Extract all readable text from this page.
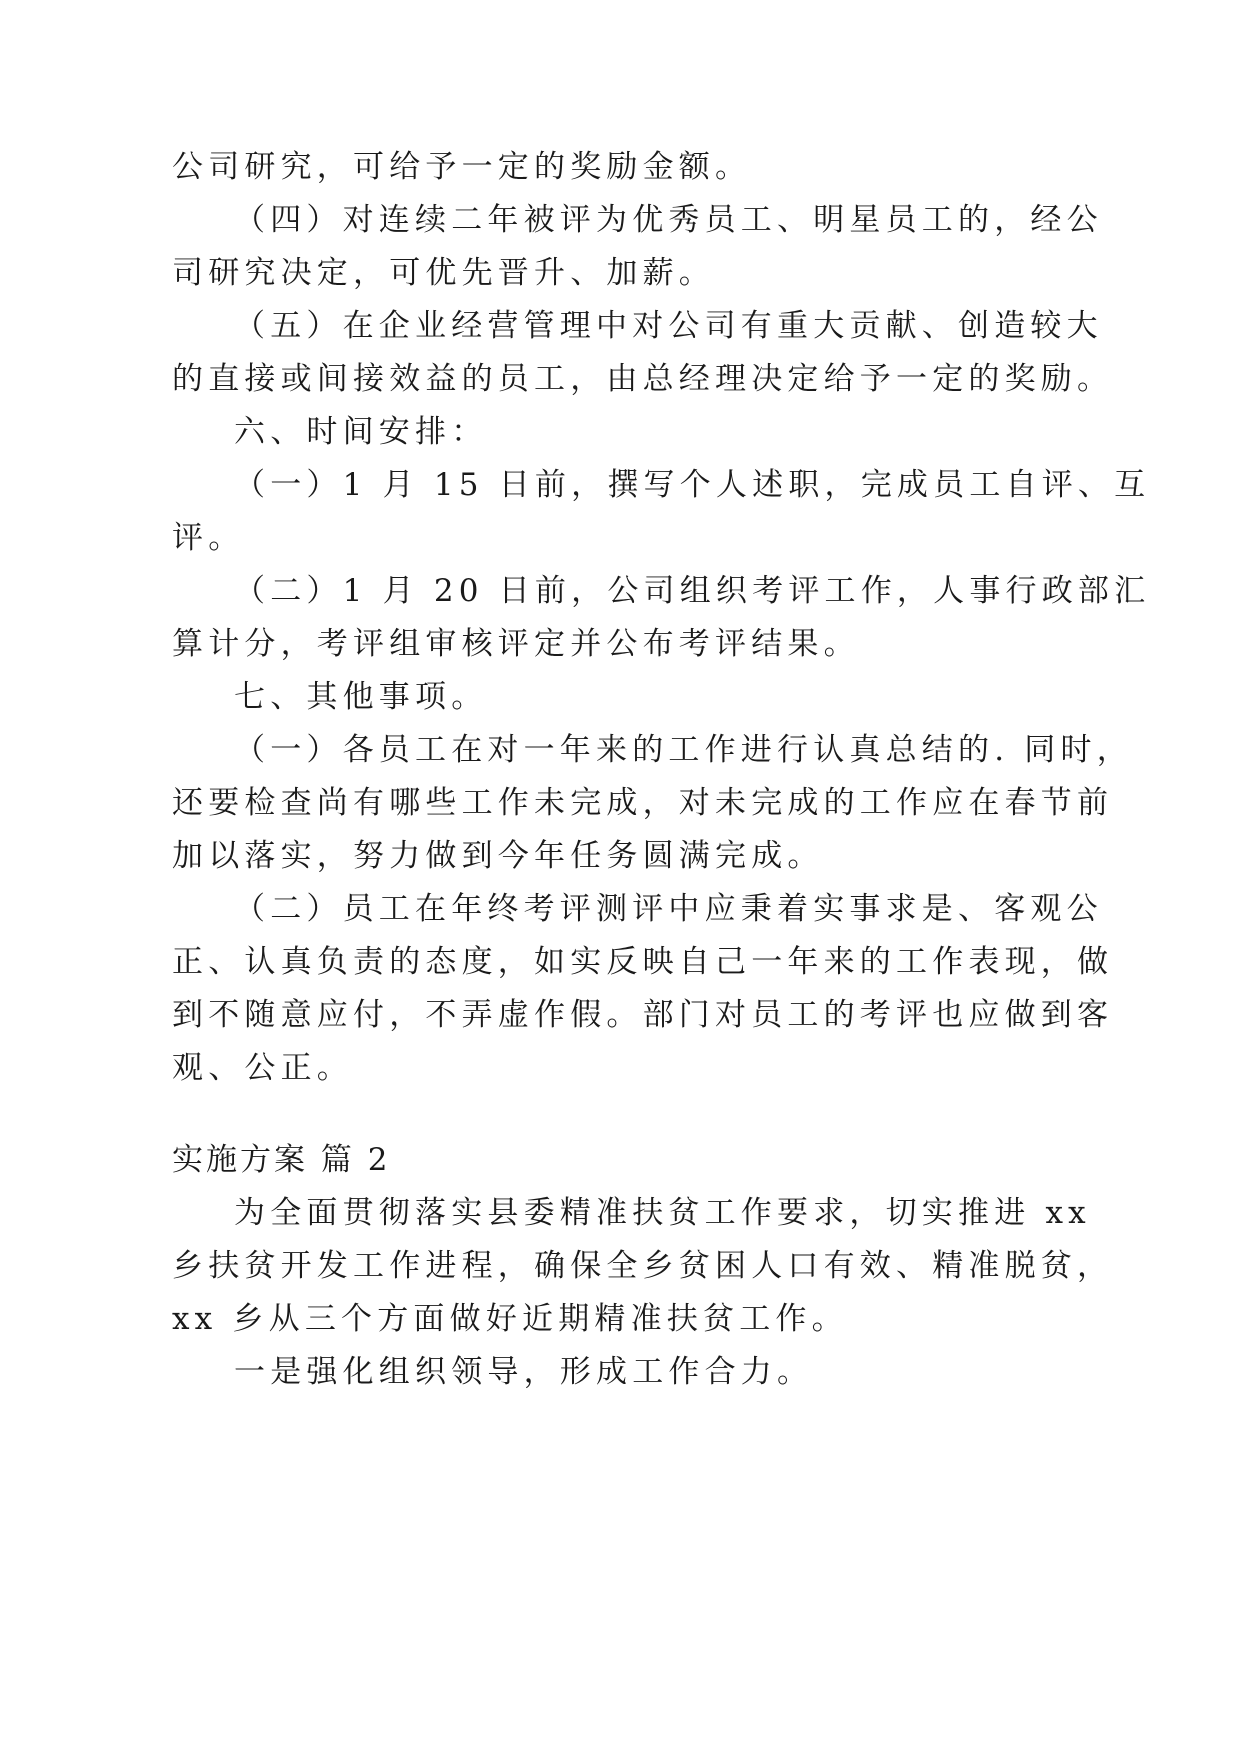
公司研究，可给予一定的奖励金额。
（四）对连续二年被评为优秀员工、明星员工的，经公
司研究决定，可优先晋升、加薪。
（五）在企业经营管理中对公司有重大贡献、创造较大
的直接或间接效益的员工，由总经理决定给予一定的奖励。
六、时间安排：
（一）1 月 15 日前，撰写个人述职，完成员工自评、互
评。
（二）1 月 20 日前，公司组织考评工作，人事行政部汇
算计分，考评组审核评定并公布考评结果。
七、其他事项。
（一）各员工在对一年来的工作进行认真总结的. 同时，
还要检查尚有哪些工作未完成，对未完成的工作应在春节前
加以落实，努力做到今年任务圆满完成。
（二）员工在年终考评测评中应秉着实事求是、客观公
正、认真负责的态度，如实反映自己一年来的工作表现，做
到不随意应付，不弄虚作假。部门对员工的考评也应做到客
观、公正。
实施方案 篇 2
为全面贯彻落实县委精准扶贫工作要求，切实推进 xx
乡扶贫开发工作进程，确保全乡贫困人口有效、精准脱贫，
xx 乡从三个方面做好近期精准扶贫工作。
一是强化组织领导，形成工作合力。
